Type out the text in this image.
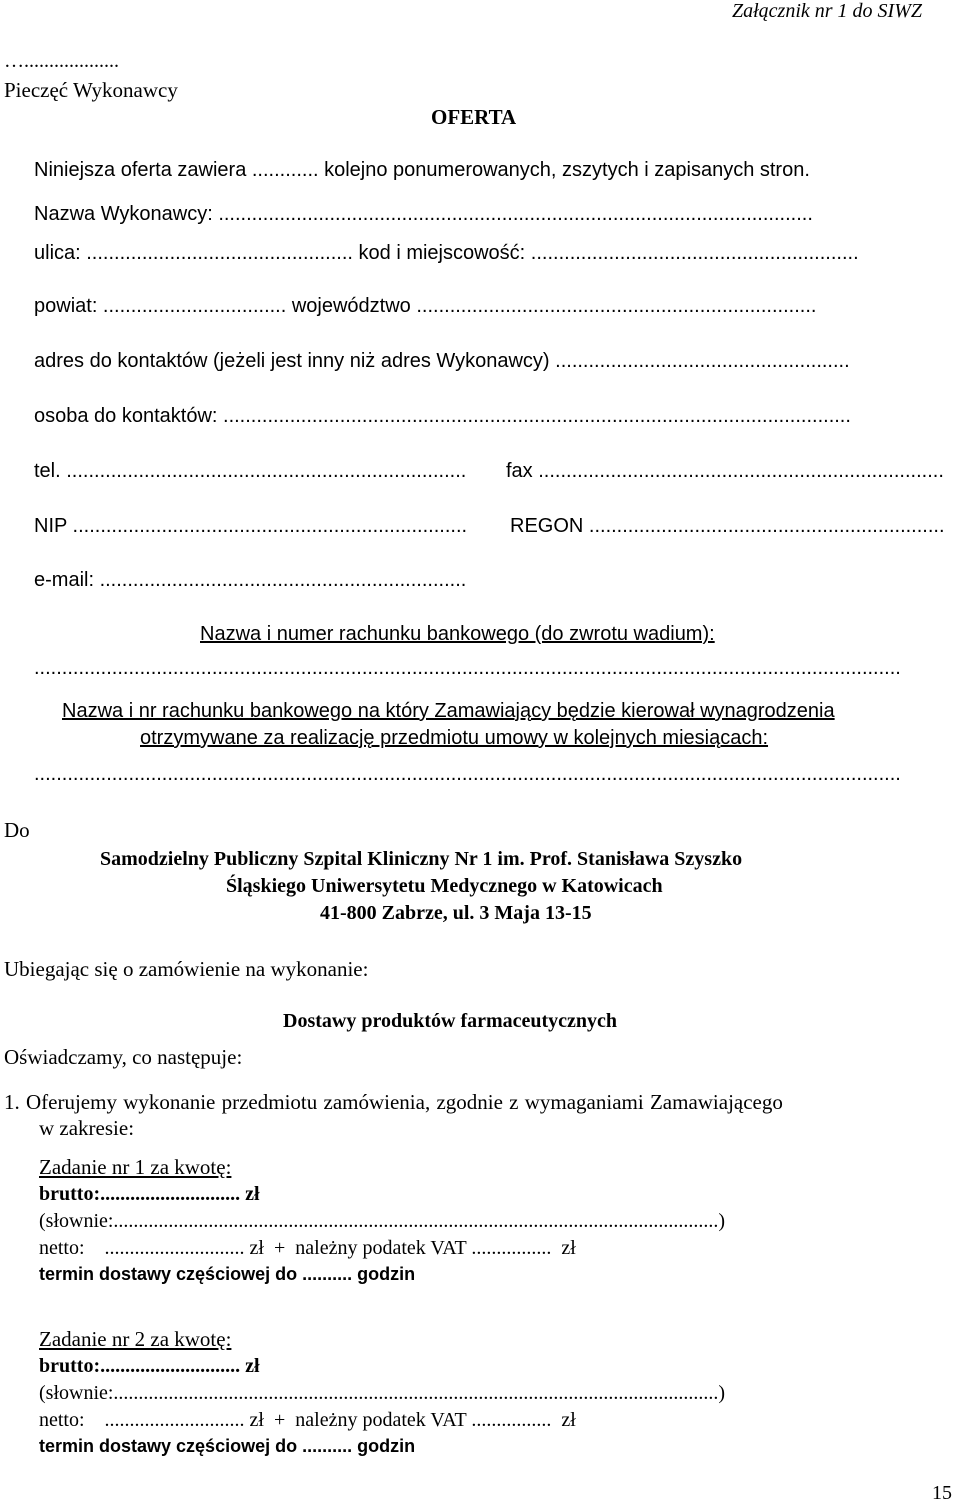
Załącznik nr 1 do SIWZ
…...................
Pieczęć Wykonawcy
OFERTA
Niniejsza oferta zawiera ............ kolejno ponumerowanych, zszytych i zapisanych stron.
Nazwa Wykonawcy: ...........................................................................................................
ulica: ................................................ kod i miejscowość: ...........................................................
powiat: ................................. województwo ........................................................................
adres do kontaktów (jeżeli jest inny niż adres Wykonawcy) .....................................................
osoba do kontaktów: .................................................................................................................
tel. ........................................................................ fax .........................................................................
NIP ....................................................................... REGON ................................................................
e-mail: ..................................................................
Nazwa i numer rachunku bankowego (do zwrotu wadium):
............................................................................................................................................................
Nazwa i nr rachunku bankowego na który Zamawiający będzie kierował wynagrodzenia
otrzymywane za realizację przedmiotu umowy w kolejnych miesiącach:
............................................................................................................................................................
Do
Samodzielny Publiczny Szpital Kliniczny Nr 1 im. Prof. Stanisława Szyszko
Śląskiego Uniwersytetu Medycznego w Katowicach
41-800 Zabrze, ul. 3 Maja 13-15
Ubiegając się o zamówienie na wykonanie:
Dostawy produktów farmaceutycznych
Oświadczamy, co następuje:
1. Oferujemy wykonanie przedmiotu zamówienia, zgodnie z wymaganiami Zamawiającego
w zakresie:
Zadanie nr 1 za kwotę:
brutto:............................ zł
(słownie:.........................................................................................................................)
netto:    ............................ zł  +  należny podatek VAT ................  zł
termin dostawy częściowej do .......... godzin
Zadanie nr 2 za kwotę:
brutto:............................ zł
(słownie:.........................................................................................................................)
netto:    ............................ zł  +  należny podatek VAT ................  zł
termin dostawy częściowej do .......... godzin
15
